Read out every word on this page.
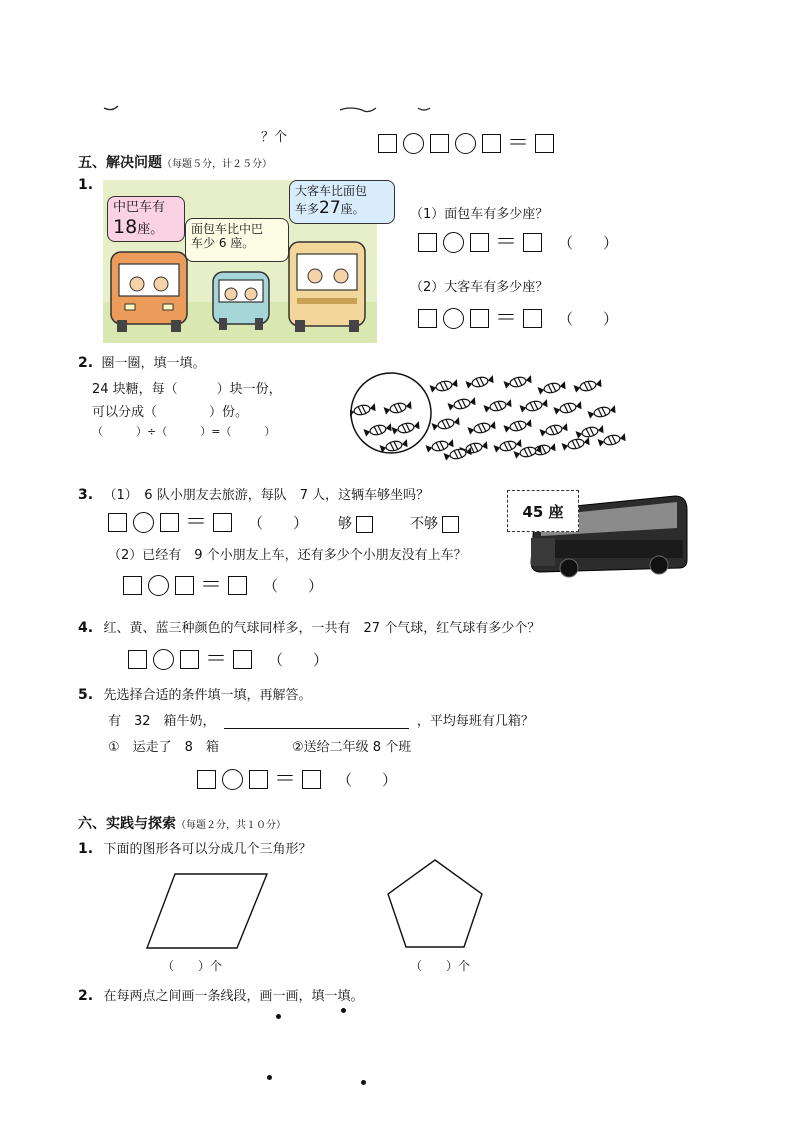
？个	＝
五、解决问题（每题５分，计２５分）
1.
中巴车有
18座。	面包车比中巴
车少 6 座。
大客车比面包
车多27座。	（1）面包车有多少座？
＝	（　　）
（2）大客车有多少座？
＝	（　　）
2. 圈一圈，填一填。
24 块糖，每（　　　）块一份，
可以分成（　　　　）份。
（　　　）÷（　　　）=（　　　）
3. （1）　6 队小朋友去旅游，每队　7 人，这辆车够坐吗？
＝	（　　）	够	不够
45 座
（2）已经有　9 个小朋友上车，还有多少个小朋友没有上车？
＝	（　　）
4. 红、黄、蓝三种颜色的气球同样多，一共有　27 个气球，红气球有多少个？
＝	（　　）
5. 先选择合适的条件填一填，再解答。
有　32　箱牛奶，	，平均每班有几箱？
①　运走了　8　箱	②送给二年级 8 个班
＝	（　　）
六、实践与探索（每题２分，共１０分）
1. 下面的图形各可以分成几个三角形？
（　　）个	（　　）个
2. 在每两点之间画一条线段，画一画，填一填。
